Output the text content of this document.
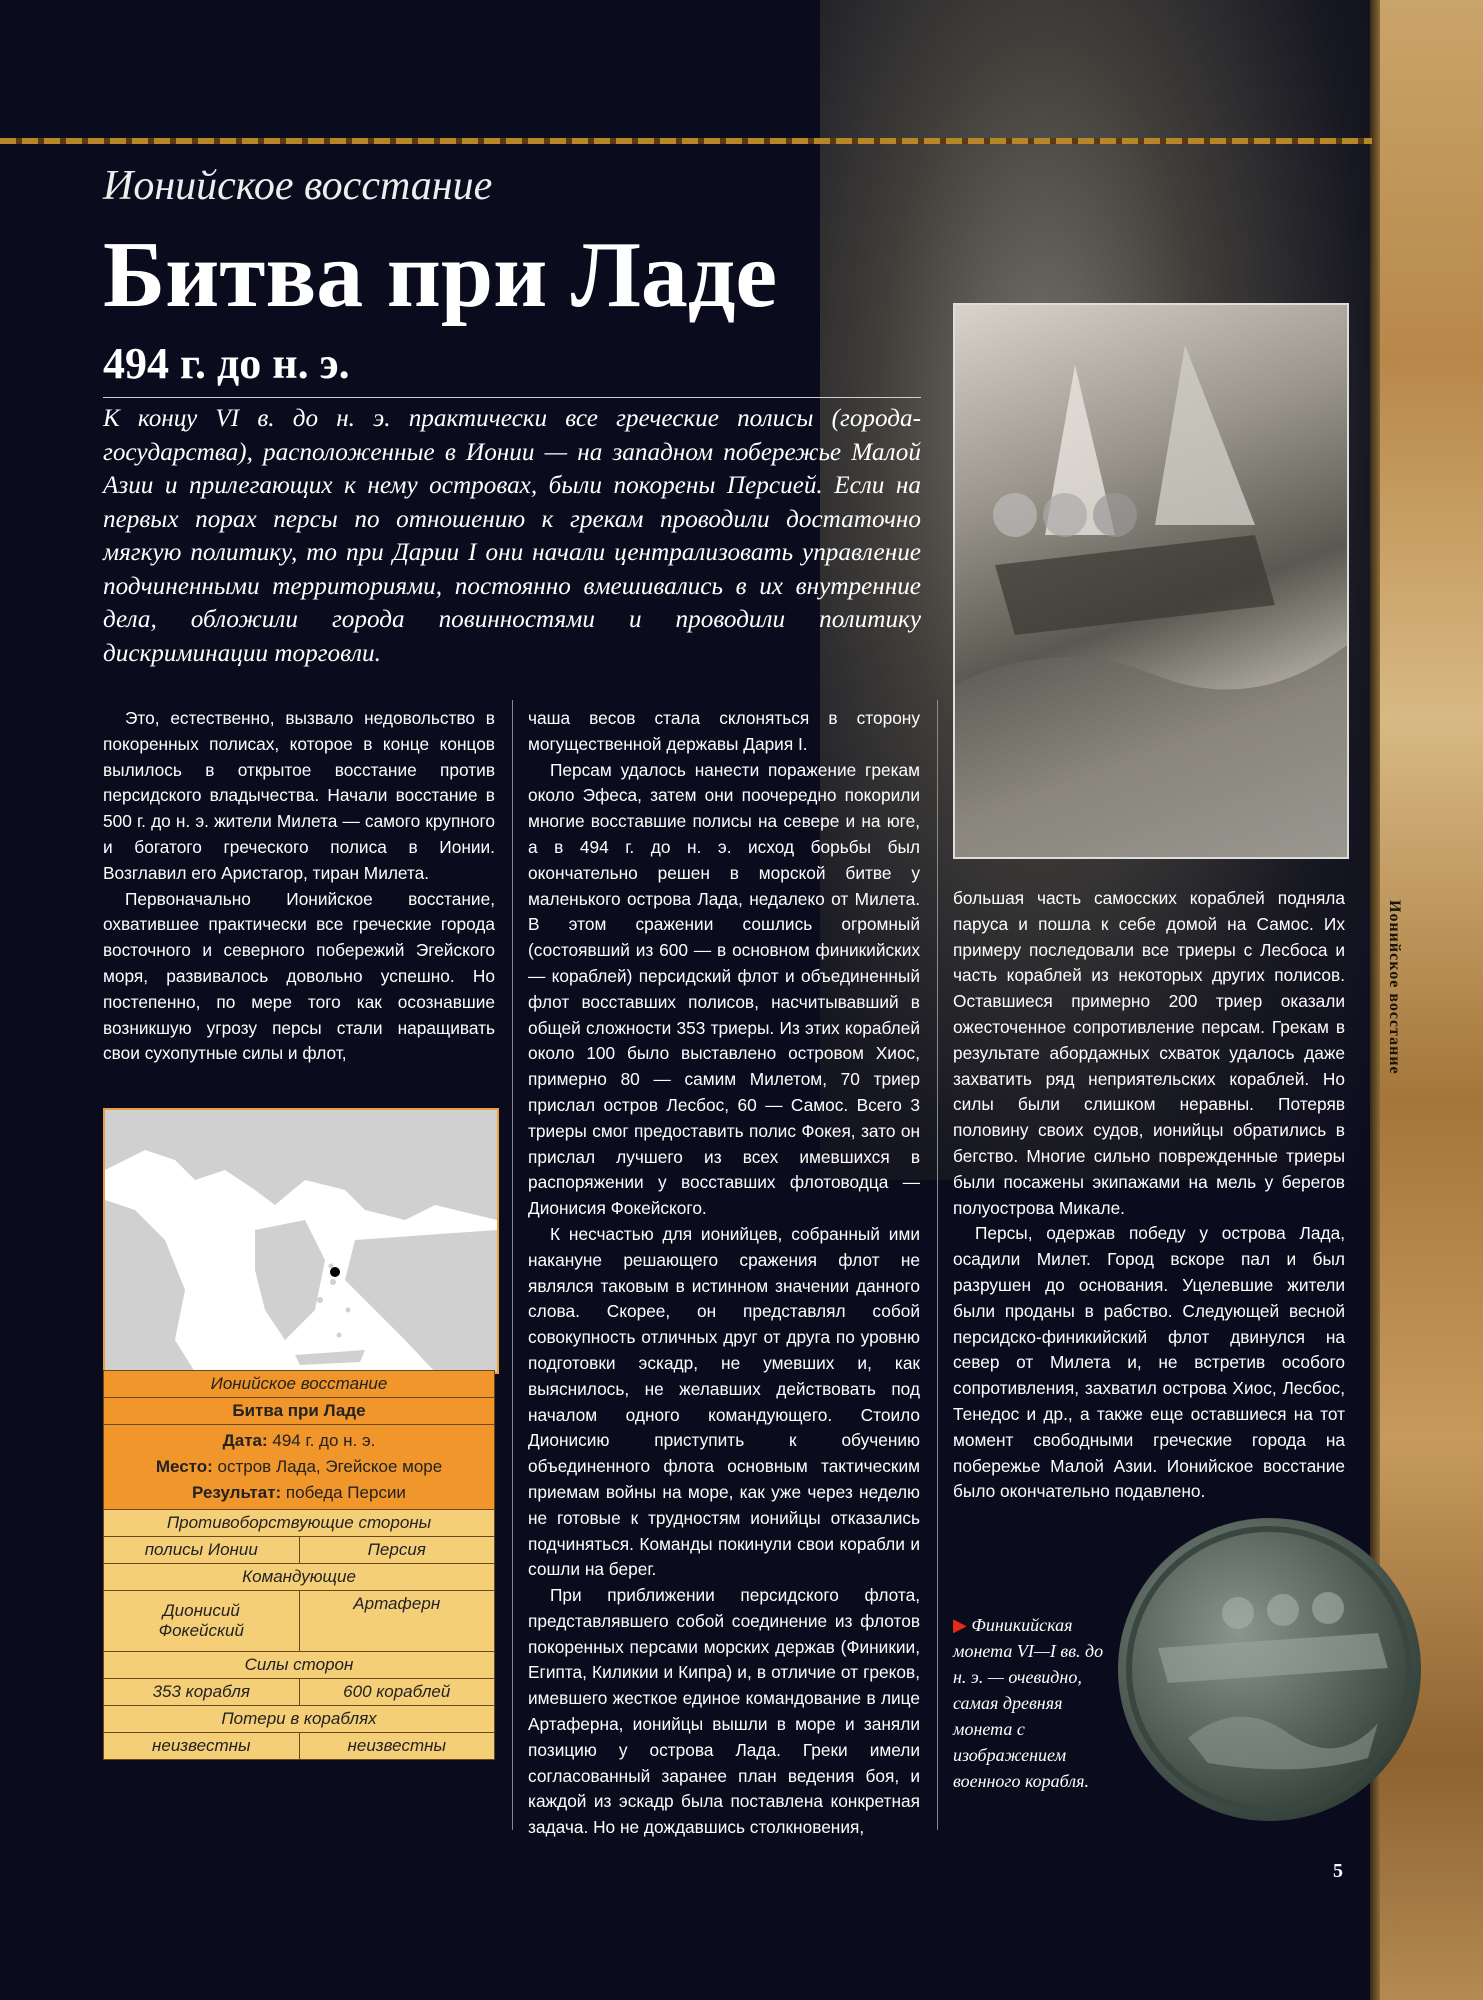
Ионийское восстание
Ионийское восстание
Битва при Ладе
494 г. до н. э.
К концу VI в. до н. э. практически все греческие полисы (города-государства), расположенные в Ионии — на западном побережье Малой Азии и прилегающих к нему островах, были покорены Персией. Если на первых порах персы по отношению к грекам проводили достаточно мягкую политику, то при Дарии I они начали централизовать управление подчиненными территориями, постоянно вмешивались в их внутренние дела, обложили города повинностями и проводили политику дискриминации торговли.

Это, естественно, вызвало недовольство в покоренных полисах, которое в конце концов вылилось в открытое восстание против персидского владычества. Начали восстание в 500 г. до н. э. жители Милета — самого крупного и богатого греческого полиса в Ионии. Возглавил его Аристагор, тиран Милета.

Первоначально Ионийское восстание, охватившее практически все греческие города восточного и северного побережий Эгейского моря, развивалось довольно успешно. Но постепенно, по мере того как осознавшие возникшую угрозу персы стали наращивать свои сухопутные силы и флот,

чаша весов стала склоняться в сторону могущественной державы Дария I.

Персам удалось нанести поражение грекам около Эфеса, затем они поочередно покорили многие восставшие полисы на севере и на юге, а в 494 г. до н. э. исход борьбы был окончательно решен в морской битве у маленького острова Лада, недалеко от Милета. В этом сражении сошлись огромный (состоявший из 600 — в основном финикийских — кораблей) персидский флот и объединенный флот восставших полисов, насчитывавший в общей сложности 353 триеры. Из этих кораблей около 100 было выставлено островом Хиос, примерно 80 — самим Милетом, 70 триер прислал остров Лесбос, 60 — Самос. Всего 3 триеры смог предоставить полис Фокея, зато он прислал лучшего из всех имевшихся в распоряжении у восставших флотоводца — Дионисия Фокейского.

К несчастью для ионийцев, собранный ими накануне решающего сражения флот не являлся таковым в истинном значении данного слова. Скорее, он представлял собой совокупность отличных друг от друга по уровню подготовки эскадр, не умевших и, как выяснилось, не желавших действовать под началом одного командующего. Стоило Дионисию приступить к обучению объединенного флота основным тактическим приемам войны на море, как уже через неделю не готовые к трудностям ионийцы отказались подчиняться. Команды покинули свои корабли и сошли на берег.

При приближении персидского флота, представлявшего собой соединение из флотов покоренных персами морских держав (Финикии, Египта, Киликии и Кипра) и, в отличие от греков, имевшего жесткое единое командование в лице Артаферна, ионийцы вышли в море и заняли позицию у острова Лада. Греки имели согласованный заранее план ведения боя, и каждой из эскадр была поставлена конкретная задача. Но не дождавшись столкновения,

Ионийское восстание	
Битва при Ладе	
Дата: 494 г. до н. э.
Место: остров Лада, Эгейское море
Результат: победа Персии	
Противоборствующие стороны	
полисы Ионии	Персия
Командующие	
Дионисий Фокейский	Артаферн
Силы сторон	
353 корабля	600 кораблей
Потери в кораблях	
неизвестны	неизвестны

большая часть самосских кораблей подняла паруса и пошла к себе домой на Самос. Их примеру последовали все триеры с Лесбоса и часть кораблей из некоторых других полисов. Оставшиеся примерно 200 триер оказали ожесточенное сопротивление персам. Грекам в результате абордажных схваток удалось даже захватить ряд неприятельских кораблей. Но силы были слишком неравны. Потеряв половину своих судов, ионийцы обратились в бегство. Многие сильно поврежденные триеры были посажены экипажами на мель у берегов полуострова Микале.

Персы, одержав победу у острова Лада, осадили Милет. Город вскоре пал и был разрушен до основания. Уцелевшие жители были проданы в рабство. Следующей весной персидско-финикийский флот двинулся на север от Милета и, не встретив особого сопротивления, захватил острова Хиос, Лесбос, Тенедос и др., а также еще оставшиеся на тот момент свободными греческие города на побережье Малой Азии. Ионийское восстание было окончательно подавлено.

▶ Финикийская монета VI—I вв. до н. э. — очевидно, самая древняя монета с изображением военного корабля.
5
